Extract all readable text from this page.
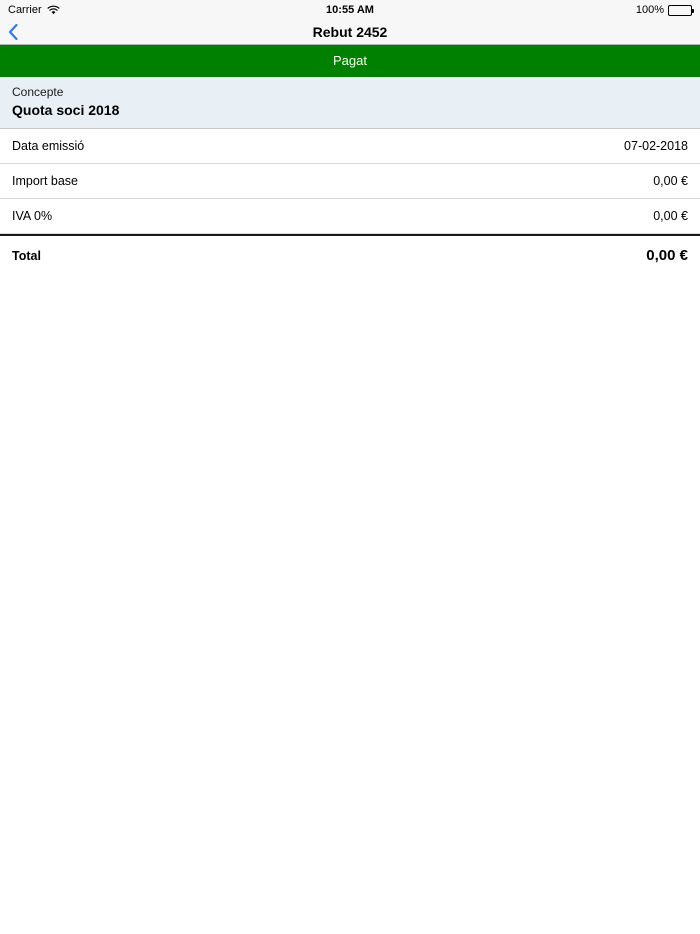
Carrier	10:55 AM	100%
Rebut 2452
Pagat
Concepte
Quota soci 2018
Data emissió	07-02-2018
Import base	0,00 €
IVA 0%	0,00 €
Total	0,00 €
